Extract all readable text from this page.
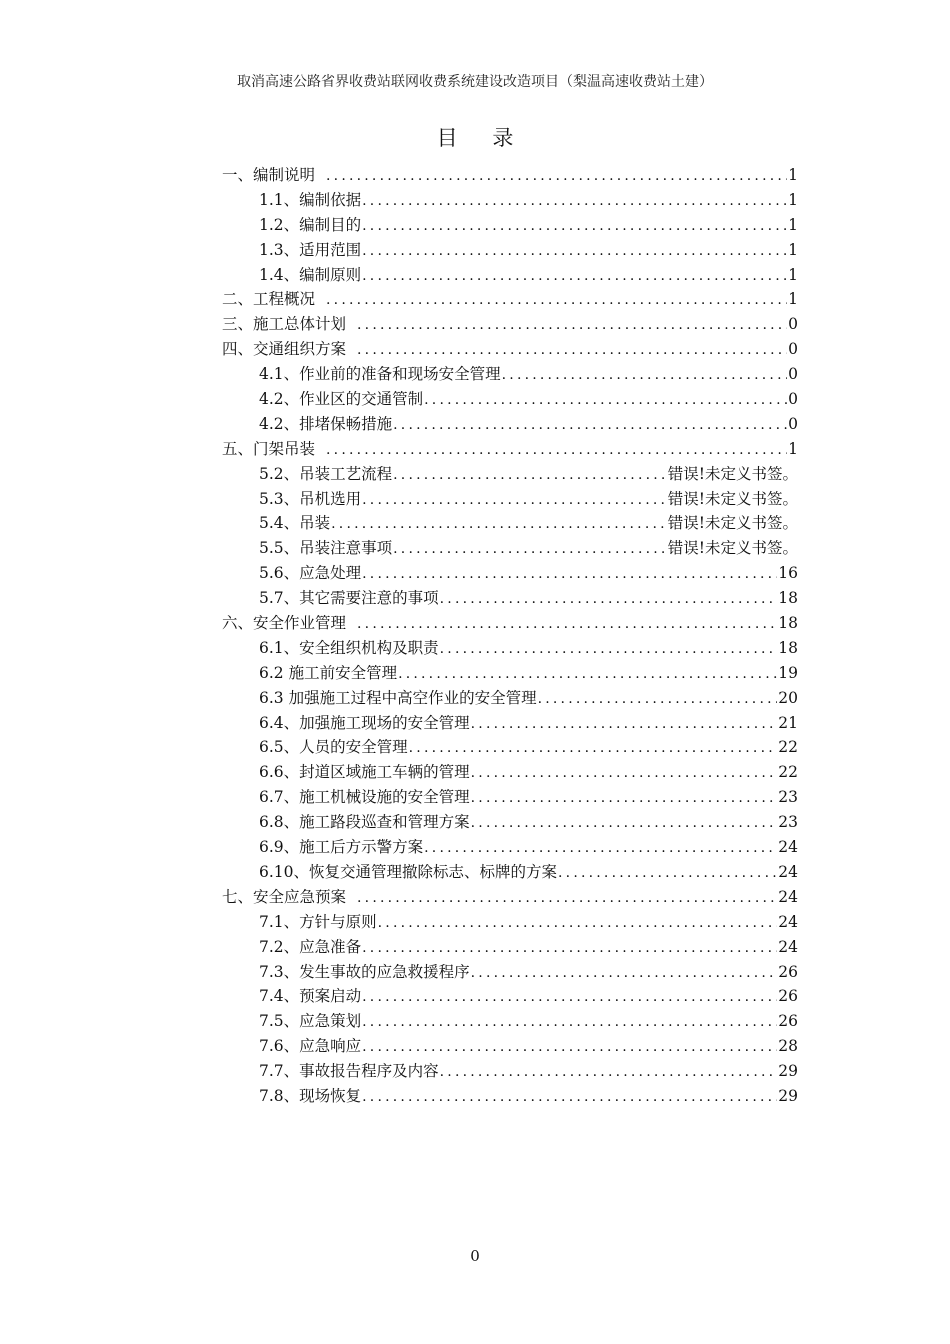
取消高速公路省界收费站联网收费系统建设改造项目（梨温高速收费站土建）
目 录
一、编制说明 .....	1
1.1、编制依据 .....	1
1.2、编制目的 .....	1
1.3、适用范围 .....	1
1.4、编制原则 .....	1
二、工程概况 .....	1
三、施工总体计划 .....	0
四、交通组织方案 .....	0
4.1、作业前的准备和现场安全管理 .....	0
4.2、作业区的交通管制 .....	0
4.2、排堵保畅措施 .....	0
五、门架吊装 .....	1
5.2、吊装工艺流程 .....	错误!未定义书签。
5.3、吊机选用 .....	错误!未定义书签。
5.4、吊装 .....	错误!未定义书签。
5.5、吊装注意事项 .....	错误!未定义书签。
5.6、应急处理 .....	16
5.7、其它需要注意的事项 .....	18
六、安全作业管理 .....	18
6.1、安全组织机构及职责 .....	18
6.2 施工前安全管理 .....	19
6.3 加强施工过程中高空作业的安全管理 .....	20
6.4、加强施工现场的安全管理 .....	21
6.5、人员的安全管理 .....	22
6.6、封道区域施工车辆的管理 .....	22
6.7、施工机械设施的安全管理 .....	23
6.8、施工路段巡查和管理方案 .....	23
6.9、施工后方示警方案 .....	24
6.10、恢复交通管理撤除标志、标牌的方案 .....	24
七、安全应急预案 .....	24
7.1、方针与原则 .....	24
7.2、应急准备 .....	24
7.3、发生事故的应急救援程序 .....	26
7.4、预案启动 .....	26
7.5、应急策划 .....	26
7.6、应急响应 .....	28
7.7、事故报告程序及内容 .....	29
7.8、现场恢复 .....	29
0
